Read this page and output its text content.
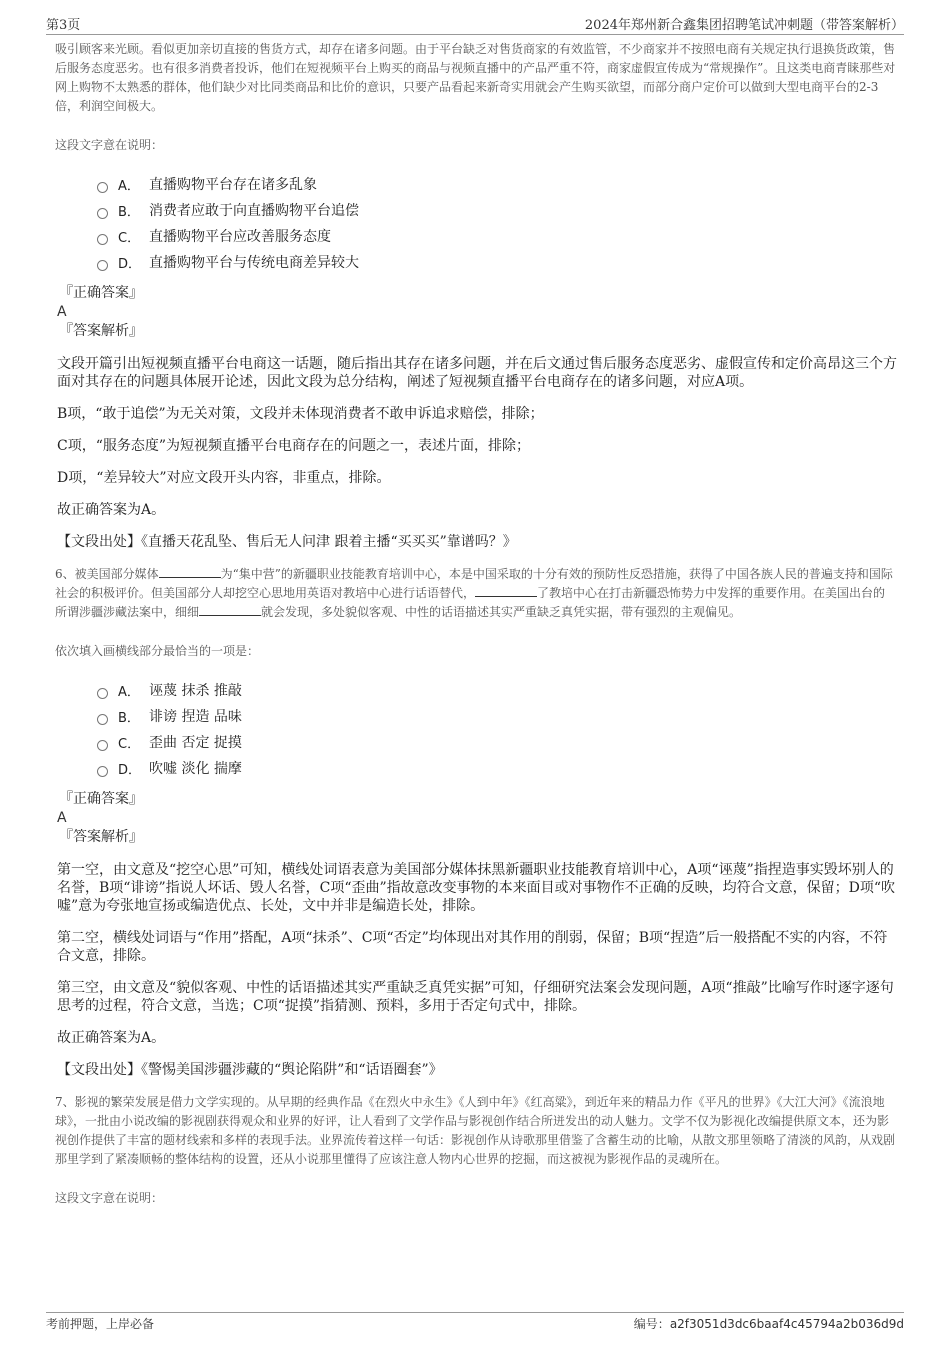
第3页	2024年郑州新合鑫集团招聘笔试冲刺题（带答案解析）

吸引顾客来光顾。看似更加亲切直接的售货方式，却存在诸多问题。由于平台缺乏对售货商家的有效监管，不少商家并不按照电商有关规定执行退换货政策，售后服务态度恶劣。也有很多消费者投诉，他们在短视频平台上购买的商品与视频直播中的产品严重不符，商家虚假宣传成为“常规操作”。且这类电商青睐那些对网上购物不太熟悉的群体，他们缺少对比同类商品和比价的意识，只要产品看起来新奇实用就会产生购买欲望，而部分商户定价可以做到大型电商平台的2-3倍，利润空间极大。

这段文字意在说明：

A． 直播购物平台存在诸多乱象
B． 消费者应敢于向直播购物平台追偿
C． 直播购物平台应改善服务态度
D． 直播购物平台与传统电商差异较大

『正确答案』

A

『答案解析』

文段开篇引出短视频直播平台电商这一话题，随后指出其存在诸多问题，并在后文通过售后服务态度恶劣、虚假宣传和定价高昂这三个方面对其存在的问题具体展开论述，因此文段为总分结构，阐述了短视频直播平台电商存在的诸多问题，对应A项。

B项，“敢于追偿”为无关对策，文段并未体现消费者不敢申诉追求赔偿，排除；

C项，“服务态度”为短视频直播平台电商存在的问题之一，表述片面，排除；

D项，“差异较大”对应文段开头内容，非重点，排除。

故正确答案为A。

【文段出处】《直播天花乱坠、售后无人问津 跟着主播“买买买”靠谱吗？》

6、被美国部分媒体	为“集中营”的新疆职业技能教育培训中心，本是中国采取的十分有效的预防性反恐措施，获得了中国各族人民的普遍支持和国际社会的积极评价。但美国部分人却挖空心思地用英语对教培中心进行话语替代，	了教培中心在打击新疆恐怖势力中发挥的重要作用。在美国出台的所谓涉疆涉藏法案中，细细	就会发现，多处貌似客观、中性的话语描述其实严重缺乏真凭实据，带有强烈的主观偏见。

依次填入画横线部分最恰当的一项是：

A． 诬蔑 抹杀 推敲
B． 诽谤 捏造 品味
C． 歪曲 否定 捉摸
D． 吹嘘 淡化 揣摩

『正确答案』

A

『答案解析』

第一空，由文意及“挖空心思”可知，横线处词语表意为美国部分媒体抹黑新疆职业技能教育培训中心，A项“诬蔑”指捏造事实毁坏别人的名誉，B项“诽谤”指说人坏话、毁人名誉，C项“歪曲”指故意改变事物的本来面目或对事物作不正确的反映，均符合文意，保留；D项“吹嘘”意为夸张地宣扬或编造优点、长处，文中并非是编造长处，排除。

第二空，横线处词语与“作用”搭配，A项“抹杀”、C项“否定”均体现出对其作用的削弱，保留；B项“捏造”后一般搭配不实的内容，不符合文意，排除。

第三空，由文意及“貌似客观、中性的话语描述其实严重缺乏真凭实据”可知，仔细研究法案会发现问题，A项“推敲”比喻写作时逐字逐句思考的过程，符合文意，当选；C项“捉摸”指猜测、预料，多用于否定句式中，排除。

故正确答案为A。

【文段出处】《警惕美国涉疆涉藏的“舆论陷阱”和“话语圈套”》

7、影视的繁荣发展是借力文学实现的。从早期的经典作品《在烈火中永生》《人到中年》《红高粱》，到近年来的精品力作《平凡的世界》《大江大河》《流浪地球》，一批由小说改编的影视剧获得观众和业界的好评，让人看到了文学作品与影视创作结合所迸发出的动人魅力。文学不仅为影视化改编提供原文本，还为影视创作提供了丰富的题材线索和多样的表现手法。业界流传着这样一句话：影视创作从诗歌那里借鉴了含蓄生动的比喻，从散文那里领略了清淡的风韵，从戏剧那里学到了紧凑顺畅的整体结构的设置，还从小说那里懂得了应该注意人物内心世界的挖掘，而这被视为影视作品的灵魂所在。

这段文字意在说明：

考前押题，上岸必备	编号：a2f3051d3dc6baaf4c45794a2b036d9d
